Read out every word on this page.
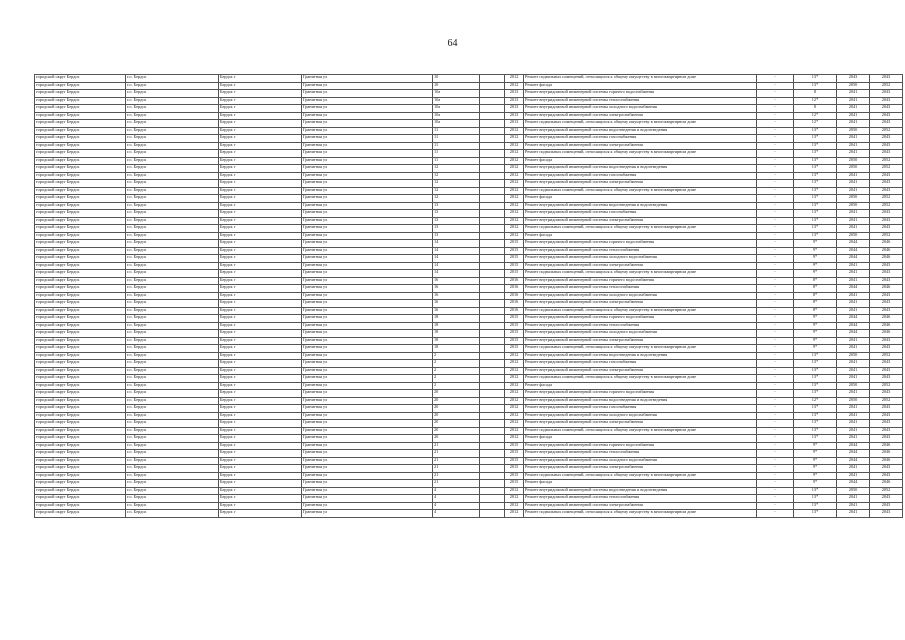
64
городской округ Бердск	г.о. Бердск	Бердск г	Гранитная ул	10		2012	Ремонт подвальных помещений, относящихся к общему имуществу в многоквартирном доме	-	13*	2043	2043
городской округ Бердск	г.о. Бердск	Бердск г	Гранитная ул	10		2012	Ремонт фасада	-	13*	2050	2052
городской округ Бердск	г.о. Бердск	Бердск г	Гранитная ул	10а		2013	Ремонт внутридомовой инженерной системы горячего водоснабжения	-	8	2041	2043
городской округ Бердск	г.о. Бердск	Бердск г	Гранитная ул	10а		2013	Ремонт внутридомовой инженерной системы теплоснабжения	-	12*	2041	2043
городской округ Бердск	г.о. Бердск	Бердск г	Гранитная ул	10а		2013	Ремонт внутридомовой инженерной системы холодного водоснабжения	-	8	2041	2043
городской округ Бердск	г.о. Бердск	Бердск г	Гранитная ул	10а		2013	Ремонт внутридомовой инженерной системы электроснабжения	-	12*	2041	2043
городской округ Бердск	г.о. Бердск	Бердск г	Гранитная ул	10а		2013	Ремонт подвальных помещений, относящихся к общему имуществу в многоквартирном доме	-	12*	2041	2043
городской округ Бердск	г.о. Бердск	Бердск г	Гранитная ул	11		2012	Ремонт внутридомовой инженерной системы водоотведения и водоотведения	-	13*	2050	2052
городской округ Бердск	г.о. Бердск	Бердск г	Гранитная ул	11		2012	Ремонт внутридомовой инженерной системы газоснабжения	-	13*	2041	2043
городской округ Бердск	г.о. Бердск	Бердск г	Гранитная ул	11		2012	Ремонт внутридомовой инженерной системы электроснабжения	-	13*	2041	2043
городской округ Бердск	г.о. Бердск	Бердск г	Гранитная ул	11		2012	Ремонт подвальных помещений, относящихся к общему имуществу в многоквартирном доме	-	13*	2041	2043
городской округ Бердск	г.о. Бердск	Бердск г	Гранитная ул	11		2012	Ремонт фасада	-	13*	2050	2052
городской округ Бердск	г.о. Бердск	Бердск г	Гранитная ул	12		2012	Ремонт внутридомовой инженерной системы водоотведения и водоотведения	-	13*	2050	2052
городской округ Бердск	г.о. Бердск	Бердск г	Гранитная ул	12		2012	Ремонт внутридомовой инженерной системы газоснабжения	-	13*	2041	2043
городской округ Бердск	г.о. Бердск	Бердск г	Гранитная ул	12		2012	Ремонт внутридомовой инженерной системы электроснабжения	-	13*	2041	2043
городской округ Бердск	г.о. Бердск	Бердск г	Гранитная ул	12		2012	Ремонт подвальных помещений, относящихся к общему имуществу в многоквартирном доме	-	13*	2041	2043
городской округ Бердск	г.о. Бердск	Бердск г	Гранитная ул	12		2012	Ремонт фасада	-	13*	2050	2052
городской округ Бердск	г.о. Бердск	Бердск г	Гранитная ул	13		2012	Ремонт внутридомовой инженерной системы водоотведения и водоотведения	-	13*	2050	2052
городской округ Бердск	г.о. Бердск	Бердск г	Гранитная ул	13		2012	Ремонт внутридомовой инженерной системы газоснабжения	-	13*	2041	2043
городской округ Бердск	г.о. Бердск	Бердск г	Гранитная ул	13		2012	Ремонт внутридомовой инженерной системы электроснабжения	-	13*	2041	2043
городской округ Бердск	г.о. Бердск	Бердск г	Гранитная ул	13		2012	Ремонт подвальных помещений, относящихся к общему имуществу в многоквартирном доме	-	13*	2041	2043
городской округ Бердск	г.о. Бердск	Бердск г	Гранитная ул	13		2012	Ремонт фасада	-	13*	2050	2052
городской округ Бердск	г.о. Бердск	Бердск г	Гранитная ул	14		2015	Ремонт внутридомовой инженерной системы горячего водоснабжения	-	9*	2044	2046
городской округ Бердск	г.о. Бердск	Бердск г	Гранитная ул	14		2015	Ремонт внутридомовой инженерной системы теплоснабжения	-	9*	2044	2046
городской округ Бердск	г.о. Бердск	Бердск г	Гранитная ул	14		2015	Ремонт внутридомовой инженерной системы холодного водоснабжения	-	9*	2044	2046
городской округ Бердск	г.о. Бердск	Бердск г	Гранитная ул	14		2015	Ремонт внутридомовой инженерной системы электроснабжения	-	9*	2041	2043
городской округ Бердск	г.о. Бердск	Бердск г	Гранитная ул	14		2015	Ремонт подвальных помещений, относящихся к общему имуществу в многоквартирном доме	-	9*	2041	2043
городской округ Бердск	г.о. Бердск	Бердск г	Гранитная ул	16		2016	Ремонт внутридомовой инженерной системы горячего водоснабжения	-	8*	2041	2043
городской округ Бердск	г.о. Бердск	Бердск г	Гранитная ул	16		2016	Ремонт внутридомовой инженерной системы теплоснабжения	-	8*	2044	2046
городской округ Бердск	г.о. Бердск	Бердск г	Гранитная ул	16		2016	Ремонт внутридомовой инженерной системы холодного водоснабжения	-	8*	2041	2043
городской округ Бердск	г.о. Бердск	Бердск г	Гранитная ул	16		2016	Ремонт внутридомовой инженерной системы электроснабжения	-	8*	2041	2043
городской округ Бердск	г.о. Бердск	Бердск г	Гранитная ул	16		2016	Ремонт подвальных помещений, относящихся к общему имуществу в многоквартирном доме	-	8*	2041	2043
городской округ Бердск	г.о. Бердск	Бердск г	Гранитная ул	18		2015	Ремонт внутридомовой инженерной системы горячего водоснабжения	-	9*	2044	2046
городской округ Бердск	г.о. Бердск	Бердск г	Гранитная ул	18		2015	Ремонт внутридомовой инженерной системы теплоснабжения	-	9*	2044	2046
городской округ Бердск	г.о. Бердск	Бердск г	Гранитная ул	18		2015	Ремонт внутридомовой инженерной системы холодного водоснабжения	-	9*	2044	2046
городской округ Бердск	г.о. Бердск	Бердск г	Гранитная ул	18		2015	Ремонт внутридомовой инженерной системы электроснабжения	-	9*	2041	2043
городской округ Бердск	г.о. Бердск	Бердск г	Гранитная ул	18		2015	Ремонт подвальных помещений, относящихся к общему имуществу в многоквартирном доме	-	9*	2041	2043
городской округ Бердск	г.о. Бердск	Бердск г	Гранитная ул	2		2012	Ремонт внутридомовой инженерной системы водоотведения и водоотведения	-	13*	2050	2052
городской округ Бердск	г.о. Бердск	Бердск г	Гранитная ул	2		2012	Ремонт внутридомовой инженерной системы газоснабжения	-	13*	2041	2043
городской округ Бердск	г.о. Бердск	Бердск г	Гранитная ул	2		2012	Ремонт внутридомовой инженерной системы электроснабжения	-	13*	2041	2043
городской округ Бердск	г.о. Бердск	Бердск г	Гранитная ул	2		2012	Ремонт подвальных помещений, относящихся к общему имуществу в многоквартирном доме	-	13*	2041	2043
городской округ Бердск	г.о. Бердск	Бердск г	Гранитная ул	2		2012	Ремонт фасада	-	13*	2050	2052
городской округ Бердск	г.о. Бердск	Бердск г	Гранитная ул	20		2012	Ремонт внутридомовой инженерной системы горячего водоснабжения	-	13*	2041	2043
городской округ Бердск	г.о. Бердск	Бердск г	Гранитная ул	20		2012	Ремонт внутридомовой инженерной системы водоотведения и водоотведения	-	12*	2050	2052
городской округ Бердск	г.о. Бердск	Бердск г	Гранитная ул	20		2012	Ремонт внутридомовой инженерной системы газоснабжения	-	13*	2041	2043
городской округ Бердск	г.о. Бердск	Бердск г	Гранитная ул	20		2012	Ремонт внутридомовой инженерной системы холодного водоснабжения	-	13*	2041	2043
городской округ Бердск	г.о. Бердск	Бердск г	Гранитная ул	20		2012	Ремонт внутридомовой инженерной системы электроснабжения	-	13*	2041	2043
городской округ Бердск	г.о. Бердск	Бердск г	Гранитная ул	20		2012	Ремонт подвальных помещений, относящихся к общему имуществу в многоквартирном доме	-	13*	2041	2043
городской округ Бердск	г.о. Бердск	Бердск г	Гранитная ул	20		2012	Ремонт фасада	-	13*	2041	2043
городской округ Бердск	г.о. Бердск	Бердск г	Гранитная ул	21		2015	Ремонт внутридомовой инженерной системы горячего водоснабжения	-	9*	2044	2046
городской округ Бердск	г.о. Бердск	Бердск г	Гранитная ул	21		2015	Ремонт внутридомовой инженерной системы теплоснабжения	-	9*	2044	2046
городской округ Бердск	г.о. Бердск	Бердск г	Гранитная ул	21		2015	Ремонт внутридомовой инженерной системы холодного водоснабжения	-	9*	2044	2046
городской округ Бердск	г.о. Бердск	Бердск г	Гранитная ул	21		2015	Ремонт внутридомовой инженерной системы электроснабжения	-	9*	2041	2043
городской округ Бердск	г.о. Бердск	Бердск г	Гранитная ул	21		2015	Ремонт подвальных помещений, относящихся к общему имуществу в многоквартирном доме	-	9*	2041	2043
городской округ Бердск	г.о. Бердск	Бердск г	Гранитная ул	21		2015	Ремонт фасада	-	9*	2044	2046
городской округ Бердск	г.о. Бердск	Бердск г	Гранитная ул	4		2012	Ремонт внутридомовой инженерной системы водоотведения и водоотведения	-	13*	2050	2052
городской округ Бердск	г.о. Бердск	Бердск г	Гранитная ул	4		2012	Ремонт внутридомовой инженерной системы теплоснабжения	-	13*	2041	2043
городской округ Бердск	г.о. Бердск	Бердск г	Гранитная ул	4		2012	Ремонт внутридомовой инженерной системы электроснабжения	-	13*	2041	2043
городской округ Бердск	г.о. Бердск	Бердск г	Гранитная ул	4		2012	Ремонт подвальных помещений, относящихся к общему имуществу в многоквартирном доме	-	13*	2041	2043
